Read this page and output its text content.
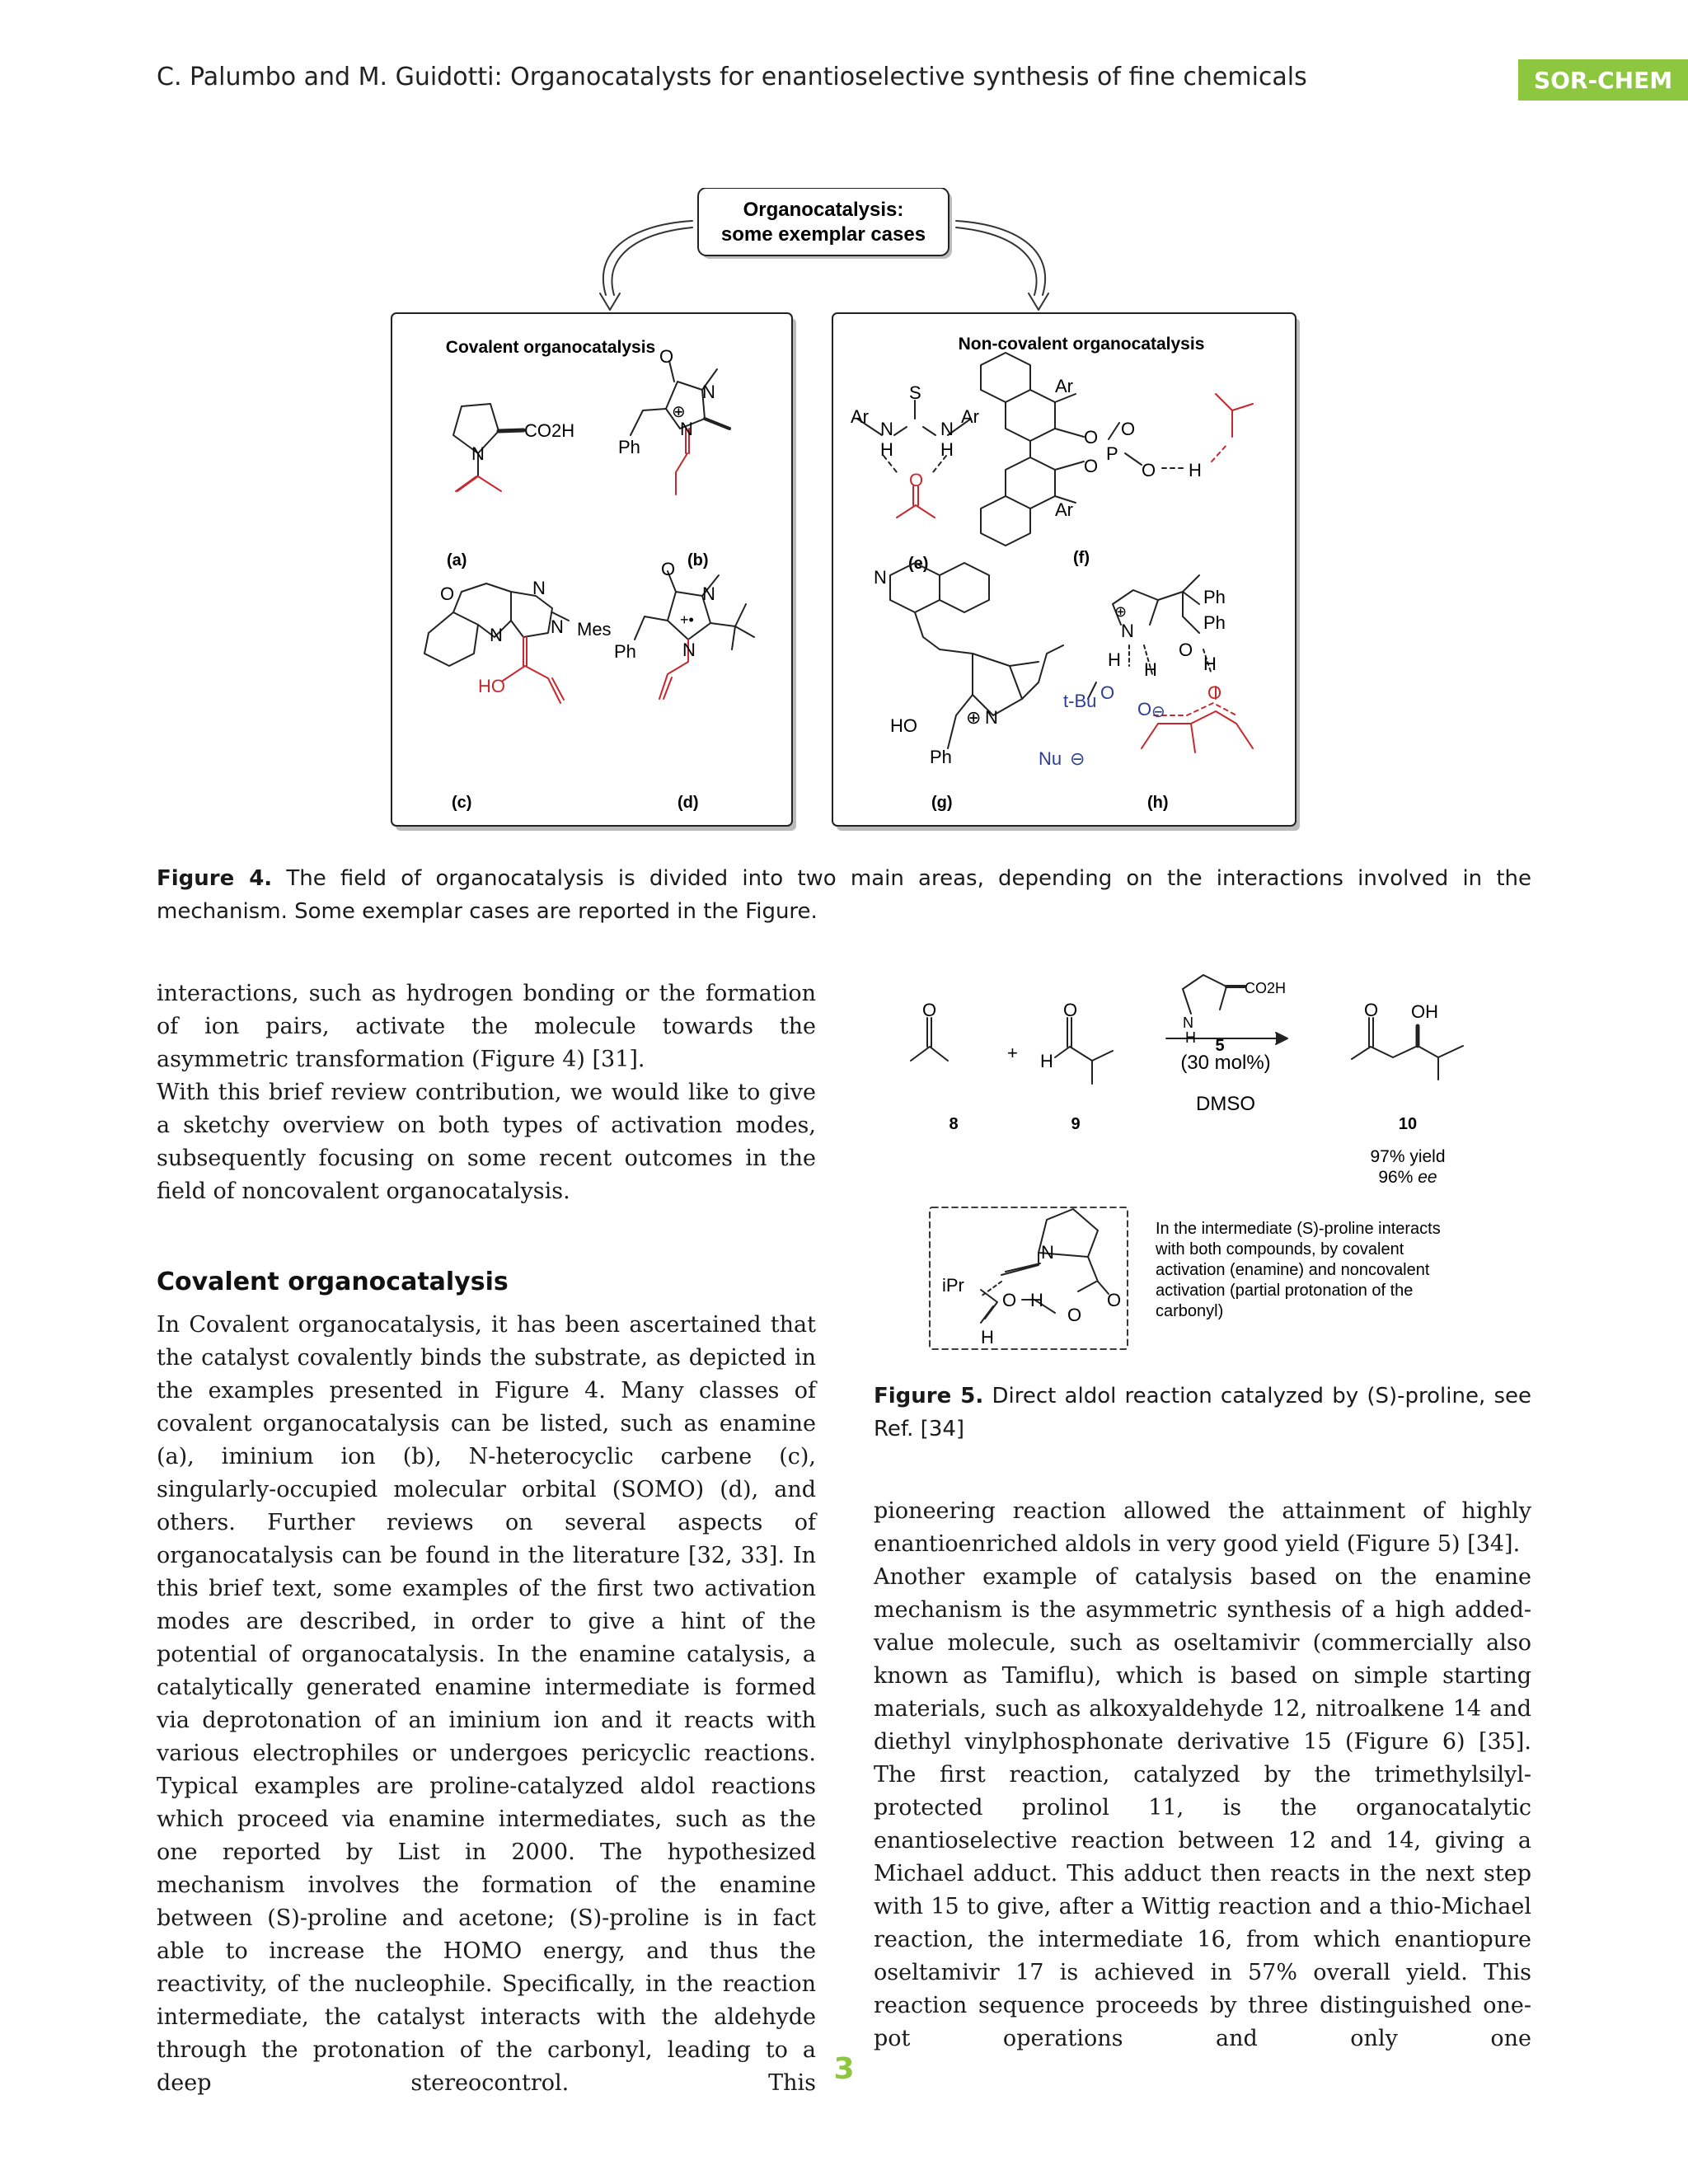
C. Palumbo and M. Guidotti: Organocatalysts for enantioselective synthesis of fine chemicals	SOR-CHEM
Organocatalysis:
some exemplar cases
Covalent organocatalysis	Non-covalent organocatalysis
N
CO2H
O
N
N
⊕
Ph
(a)	(b)
N
N
N Mes
O
HO
O
N
N
+•
Ph
(c)	(d)
S
N	N
H	H
O
Ar	Ar
Ar
Ar
O
O
P
O
O H
(e)	(f)
N
HO	⊕ N
Ph	Nu ⊖
N
⊕
Ph
Ph
O
H
H H
t-Bu O
O ⊖
O
(g)	(h)
Figure 4. The field of organocatalysis is divided into two main areas, depending on the interactions involved in the mechanism. Some exemplar cases are reported in the Figure.

interactions, such as hydrogen bonding or the formation of ion pairs, activate the molecule towards the asymmetric transformation (Figure 4) [31].

With this brief review contribution, we would like to give a sketchy overview on both types of activation modes, subsequently focusing on some recent outcomes in the field of noncovalent organocatalysis.

Covalent organocatalysis

In Covalent organocatalysis, it has been ascertained that the catalyst covalently binds the substrate, as depicted in the examples presented in Figure 4. Many classes of covalent organocatalysis can be listed, such as enamine (a), iminium ion (b), N-heterocyclic carbene (c), singularly-occupied molecular orbital (SOMO) (d), and others. Further reviews on several aspects of organocatalysis can be found in the literature [32, 33]. In this brief text, some examples of the first two activation modes are described, in order to give a hint of the potential of organocatalysis. In the enamine catalysis, a catalytically generated enamine intermediate is formed via deprotonation of an iminium ion and it reacts with various electrophiles or undergoes pericyclic reactions. Typical examples are proline-catalyzed aldol reactions which proceed via enamine intermediates, such as the one reported by List in 2000. The hypothesized mechanism involves the formation of the enamine between (S)-proline and acetone; (S)-proline is in fact able to increase the HOMO energy, and thus the reactivity, of the nucleophile. Specifically, in the reaction intermediate, the catalyst interacts with the aldehyde through the protonation of the carbonyl, leading to a deep stereocontrol. This

O	O
H
+
N
H
CO2H
5
(30 mol%)
DMSO
O OH
8	9	10
97% yield
96% ee
N
iPr
O H	O
O
H
In the intermediate (S)-proline interacts
with both compounds, by covalent
activation (enamine) and noncovalent
activation (partial protonation of the
carbonyl)
Figure 5. Direct aldol reaction catalyzed by (S)-proline, see Ref. [34]

pioneering reaction allowed the attainment of highly enantioenriched aldols in very good yield (Figure 5) [34].

Another example of catalysis based on the enamine mechanism is the asymmetric synthesis of a high added-value molecule, such as oseltamivir (commercially also known as Tamiflu), which is based on simple starting materials, such as alkoxyaldehyde 12, nitroalkene 14 and diethyl vinylphosphonate derivative 15 (Figure 6) [35]. The first reaction, catalyzed by the trimethylsilyl-protected prolinol 11, is the organocatalytic enantioselective reaction between 12 and 14, giving a Michael adduct. This adduct then reacts in the next step with 15 to give, after a Wittig reaction and a thio-Michael reaction, the intermediate 16, from which enantiopure oseltamivir 17 is achieved in 57% overall yield. This reaction sequence proceeds by three distinguished one-pot operations and only one

3
